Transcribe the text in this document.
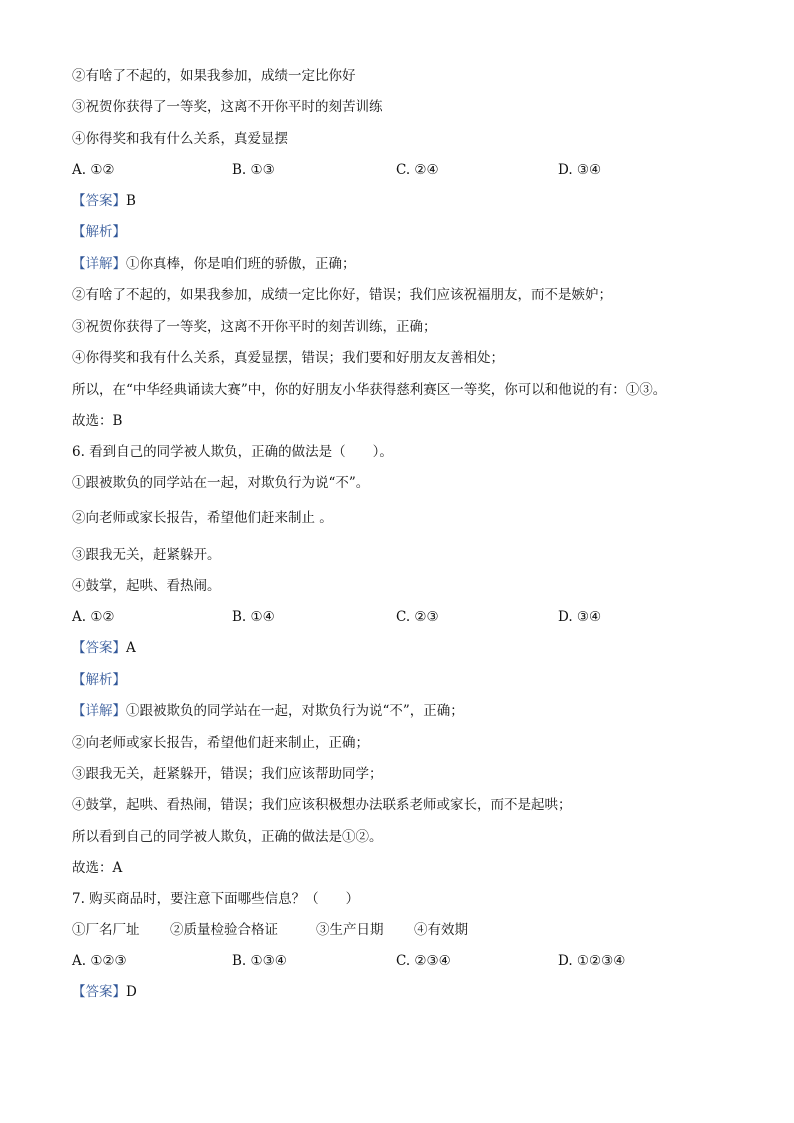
②有啥了不起的，如果我参加，成绩一定比你好
③祝贺你获得了一等奖，这离不开你平时的刻苦训练
④你得奖和我有什么关系，真爱显摆
A. ①②	B. ①③	C. ②④	D. ③④
【答案】B
【解析】
【详解】①你真棒，你是咱们班的骄傲，正确；
②有啥了不起的，如果我参加，成绩一定比你好，错误；我们应该祝福朋友，而不是嫉妒；
③祝贺你获得了一等奖，这离不开你平时的刻苦训练，正确；
④你得奖和我有什么关系，真爱显摆，错误；我们要和好朋友友善相处；
所以，在“中华经典诵读大赛”中，你的好朋友小华获得慈利赛区一等奖，你可以和他说的有：①③。
故选：B
6. 看到自己的同学被人欺负，正确的做法是（　　）。
①跟被欺负的同学站在一起，对欺负行为说“不”。
②向老师或家长报告，希望他们赶来制止 。
③跟我无关，赶紧躲开。
④鼓掌，起哄、看热闹。
A. ①②	B. ①④	C. ②③	D. ③④
【答案】A
【解析】
【详解】①跟被欺负的同学站在一起，对欺负行为说“不”，正确；
②向老师或家长报告，希望他们赶来制止，正确；
③跟我无关，赶紧躲开，错误；我们应该帮助同学；
④鼓掌，起哄、看热闹，错误；我们应该积极想办法联系老师或家长，而不是起哄；
所以看到自己的同学被人欺负，正确的做法是①②。
故选：A
7. 购买商品时，要注意下面哪些信息？（　　）
①厂名厂址 ②质量检验合格证	③生产日期 ④有效期
A. ①②③	B. ①③④	C. ②③④	D. ①②③④
【答案】D
